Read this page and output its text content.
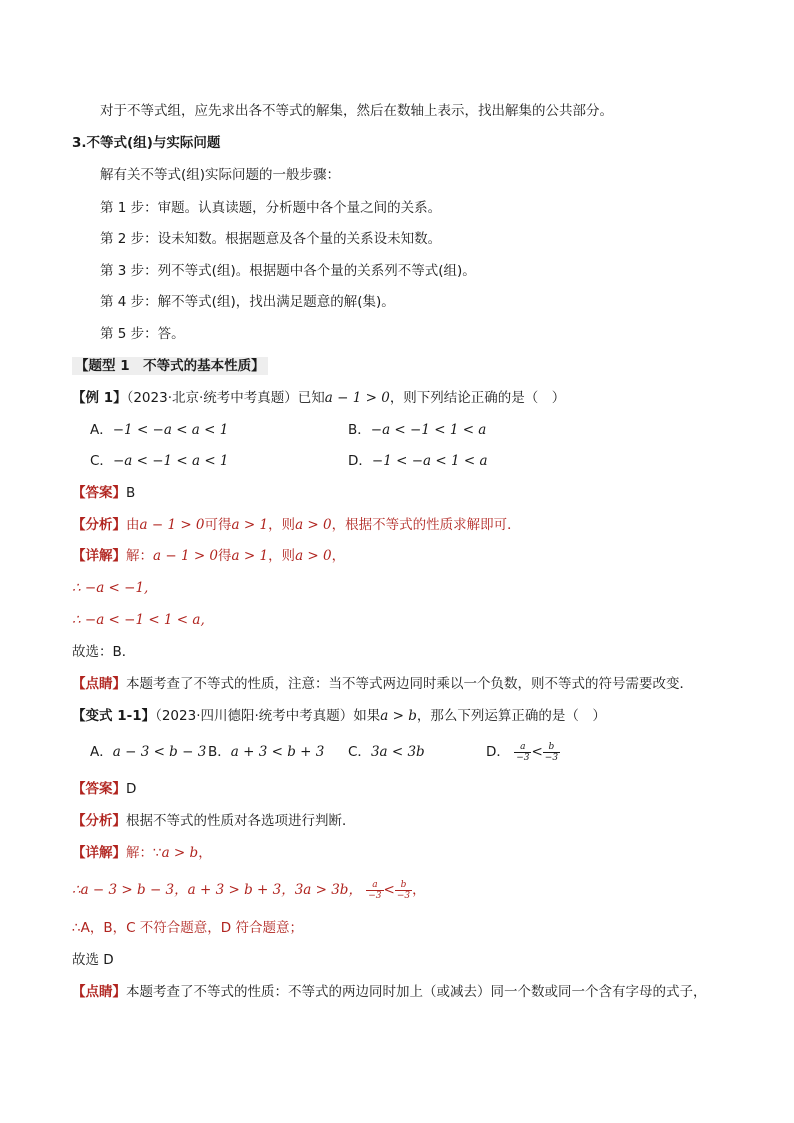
对于不等式组，应先求出各不等式的解集，然后在数轴上表示，找出解集的公共部分。
3.不等式(组)与实际问题
解有关不等式(组)实际问题的一般步骤：
第 1 步：审题。认真读题，分析题中各个量之间的关系。
第 2 步：设未知数。根据题意及各个量的关系设未知数。
第 3 步：列不等式(组)。根据题中各个量的关系列不等式(组)。
第 4 步：解不等式(组)，找出满足题意的解(集)。
第 5 步：答。
【题型 1　不等式的基本性质】
【例 1】（2023·北京·统考中考真题）已知a − 1 > 0，则下列结论正确的是（　）
A．−1 < −a < a < 1	B．−a < −1 < 1 < a
C．−a < −1 < a < 1	D．−1 < −a < 1 < a
【答案】B
【分析】由a − 1 > 0可得a > 1，则a > 0，根据不等式的性质求解即可．
【详解】解：a − 1 > 0得a > 1，则a > 0，
∴ −a < −1,
∴ −a < −1 < 1 < a,
故选：B．
【点睛】本题考查了不等式的性质，注意：当不等式两边同时乘以一个负数，则不等式的符号需要改变．
【变式 1-1】（2023·四川德阳·统考中考真题）如果a > b，那么下列运算正确的是（　）
A．a − 3 < b − 3 B．a + 3 < b + 3 C．3a < 3b	D． $\frac{a}{-3} < \frac{b}{-3}$
【答案】D
【分析】根据不等式的性质对各选项进行判断．
【详解】解：∵a > b，
∴a − 3 > b − 3，a + 3 > b + 3，3a > 3b， $\frac{a}{-3} < \frac{b}{-3}$ ，
∴A，B，C 不符合题意，D 符合题意；
故选 D
【点睛】本题考查了不等式的性质：不等式的两边同时加上（或减去）同一个数或同一个含有字母的式子，
